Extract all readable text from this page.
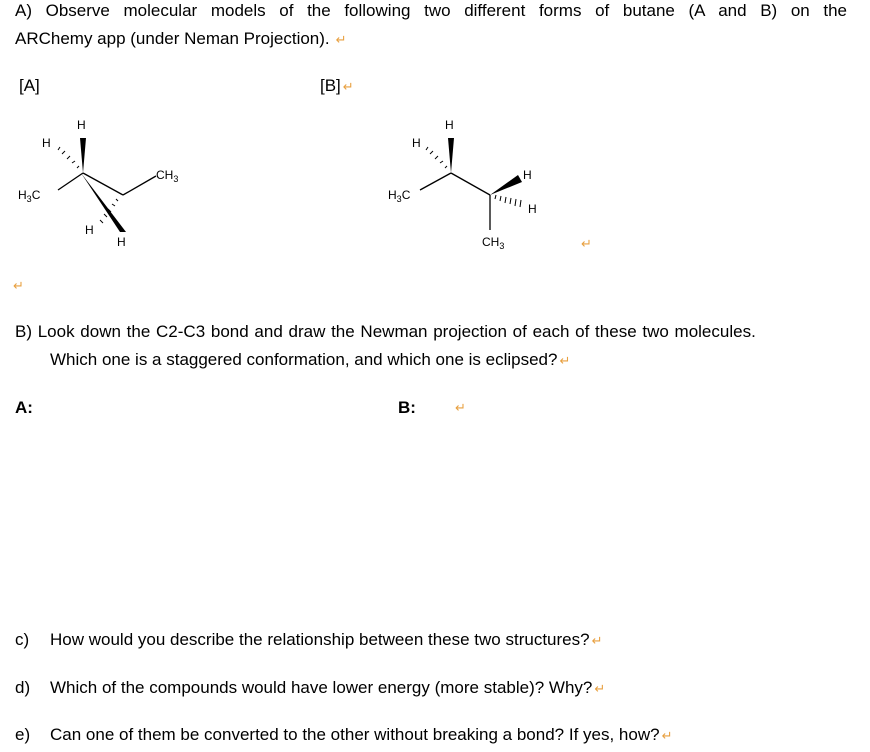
A) Observe molecular models of the following two different forms of butane (A and B) on the
ARChemy app (under Neman Projection). ↵
[A]	[B] ↵
H
H
$H_3C$
$CH_3$
H
H
H
H
$H_3C$
H
H
$CH_3$	↵
↵
B) Look down the C2-C3 bond and draw the Newman projection of each of these two molecules.
Which one is a staggered conformation, and which one is eclipsed? ↵
A:	B:	↵
c) How would you describe the relationship between these two structures? ↵
d) Which of the compounds would have lower energy (more stable)? Why? ↵
e) Can one of them be converted to the other without breaking a bond? If yes, how? ↵
